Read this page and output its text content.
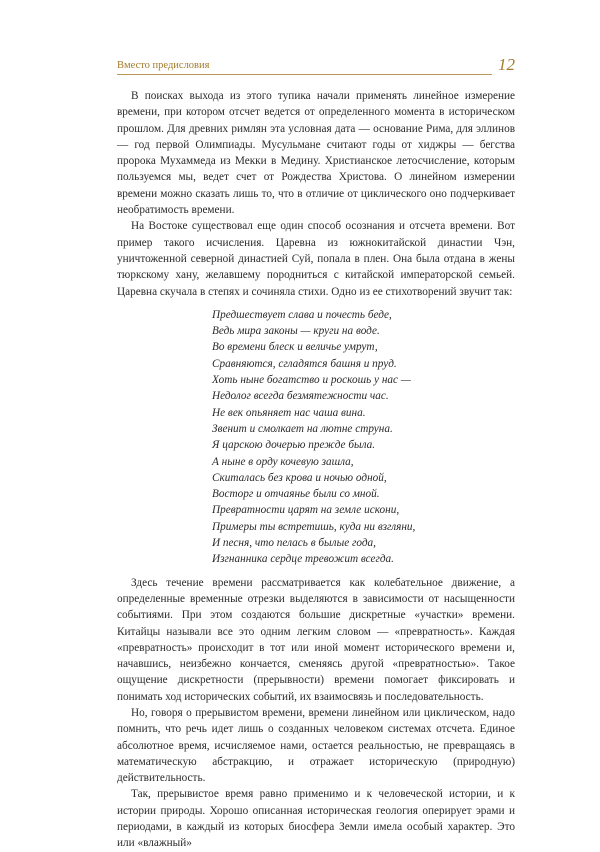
Вместо предисловия	12

В поисках выхода из этого тупика начали применять линейное измерение времени, при котором отсчет ведется от определенного момента в историческом прошлом. Для древних римлян эта условная дата — основание Рима, для эллинов — год первой Олимпиады. Мусульмане считают годы от хиджры — бегства пророка Мухаммеда из Мекки в Медину. Христианское летосчисление, которым пользуемся мы, ведет счет от Рождества Христова. О линейном измерении времени можно сказать лишь то, что в отличие от циклического оно подчеркивает необратимость времени.

На Востоке существовал еще один способ осознания и отсчета времени. Вот пример такого исчисления. Царевна из южнокитайской династии Чэн, уничтоженной северной династией Суй, попала в плен. Она была отдана в жены тюркскому хану, желавшему породниться с китайской императорской семьей. Царевна скучала в степях и сочиняла стихи. Одно из ее стихотворений звучит так:

Предшествует слава и почесть беде,
Ведь мира законы — круги на воде.
Во времени блеск и величье умрут,
Сравняются, сгладятся башня и пруд.
Хоть ныне богатство и роскошь у нас —
Недолог всегда безмятежности час.
Не век опьяняет нас чаша вина.
Звенит и смолкает на лютне струна.
Я царскою дочерью прежде была.
А ныне в орду кочевую зашла,
Скиталась без крова и ночью одной,
Восторг и отчаянье были со мной.
Превратности царят на земле искони,
Примеры ты встретишь, куда ни взгляни,
И песня, что пелась в былые года,
Изгнанника сердце тревожит всегда.

Здесь течение времени рассматривается как колебательное движение, а определенные временные отрезки выделяются в зависимости от насыщенности событиями. При этом создаются большие дискретные «участки» времени. Китайцы называли все это одним легким словом — «превратность». Каждая «превратность» происходит в тот или иной момент исторического времени и, начавшись, неизбежно кончается, сменяясь другой «превратностью». Такое ощущение дискретности (прерывности) времени помогает фиксировать и понимать ход исторических событий, их взаимосвязь и последовательность.

Но, говоря о прерывистом времени, времени линейном или циклическом, надо помнить, что речь идет лишь о созданных человеком системах отсчета. Единое абсолютное время, исчисляемое нами, остается реальностью, не превращаясь в математическую абстракцию, и отражает историческую (природную) действительность.

Так, прерывистое время равно применимо и к человеческой истории, и к истории природы. Хорошо описанная историческая геология оперирует эрами и периодами, в каждый из которых биосфера Земли имела особый характер. Это или «влажный»
